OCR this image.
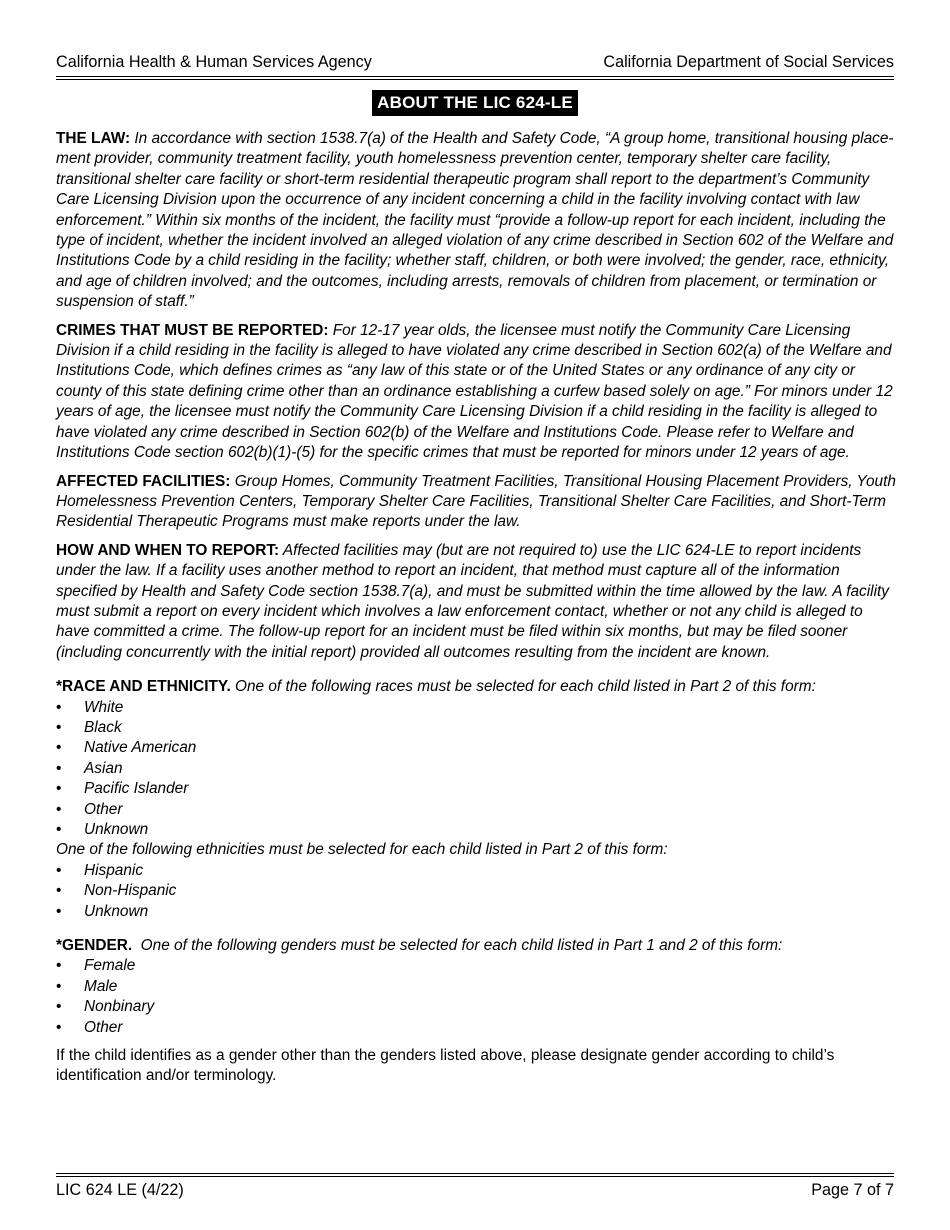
California Health & Human Services Agency	California Department of Social Services
ABOUT THE LIC 624-LE

THE LAW: In accordance with section 1538.7(a) of the Health and Safety Code, “A group home, transitional housing place- ment provider, community treatment facility, youth homelessness prevention center, temporary shelter care facility, transitional shelter care facility or short-term residential therapeutic program shall report to the department’s Community Care Licensing Division upon the occurrence of any incident concerning a child in the facility involving contact with law enforcement.” Within six months of the incident, the facility must “provide a follow-up report for each incident, including the type of incident, whether the incident involved an alleged violation of any crime described in Section 602 of the Welfare and Institutions Code by a child residing in the facility; whether staff, children, or both were involved; the gender, race, ethnicity, and age of children involved; and the outcomes, including arrests, removals of children from placement, or termination or suspension of staff.”

CRIMES THAT MUST BE REPORTED: For 12-17 year olds, the licensee must notify the Community Care Licensing Division if a child residing in the facility is alleged to have violated any crime described in Section 602(a) of the Welfare and Institutions Code, which defines crimes as “any law of this state or of the United States or any ordinance of any city or county of this state defining crime other than an ordinance establishing a curfew based solely on age.” For minors under 12 years of age, the licensee must notify the Community Care Licensing Division if a child residing in the facility is alleged to have violated any crime described in Section 602(b) of the Welfare and Institutions Code. Please refer to Welfare and Institutions Code section 602(b)(1)-(5) for the specific crimes that must be reported for minors under 12 years of age.

AFFECTED FACILITIES: Group Homes, Community Treatment Facilities, Transitional Housing Placement Providers, Youth Homelessness Prevention Centers, Temporary Shelter Care Facilities, Transitional Shelter Care Facilities, and Short-Term Residential Therapeutic Programs must make reports under the law.

HOW AND WHEN TO REPORT: Affected facilities may (but are not required to) use the LIC 624-LE to report incidents under the law. If a facility uses another method to report an incident, that method must capture all of the information specified by Health and Safety Code section 1538.7(a), and must be submitted within the time allowed by the law. A facility must submit a report on every incident which involves a law enforcement contact, whether or not any child is alleged to have committed a crime. The follow-up report for an incident must be filed within six months, but may be filed sooner (including concurrently with the initial report) provided all outcomes resulting from the incident are known.

*RACE AND ETHNICITY. One of the following races must be selected for each child listed in Part 2 of this form:

• White
• Black
• Native American
• Asian
• Pacific Islander
• Other
• Unknown

One of the following ethnicities must be selected for each child listed in Part 2 of this form:

• Hispanic
• Non-Hispanic
• Unknown

*GENDER.  One of the following genders must be selected for each child listed in Part 1 and 2 of this form:

• Female
• Male
• Nonbinary
• Other

If the child identifies as a gender other than the genders listed above, please designate gender according to child’s identification and/or terminology.

LIC 624 LE (4/22)	Page 7 of 7
